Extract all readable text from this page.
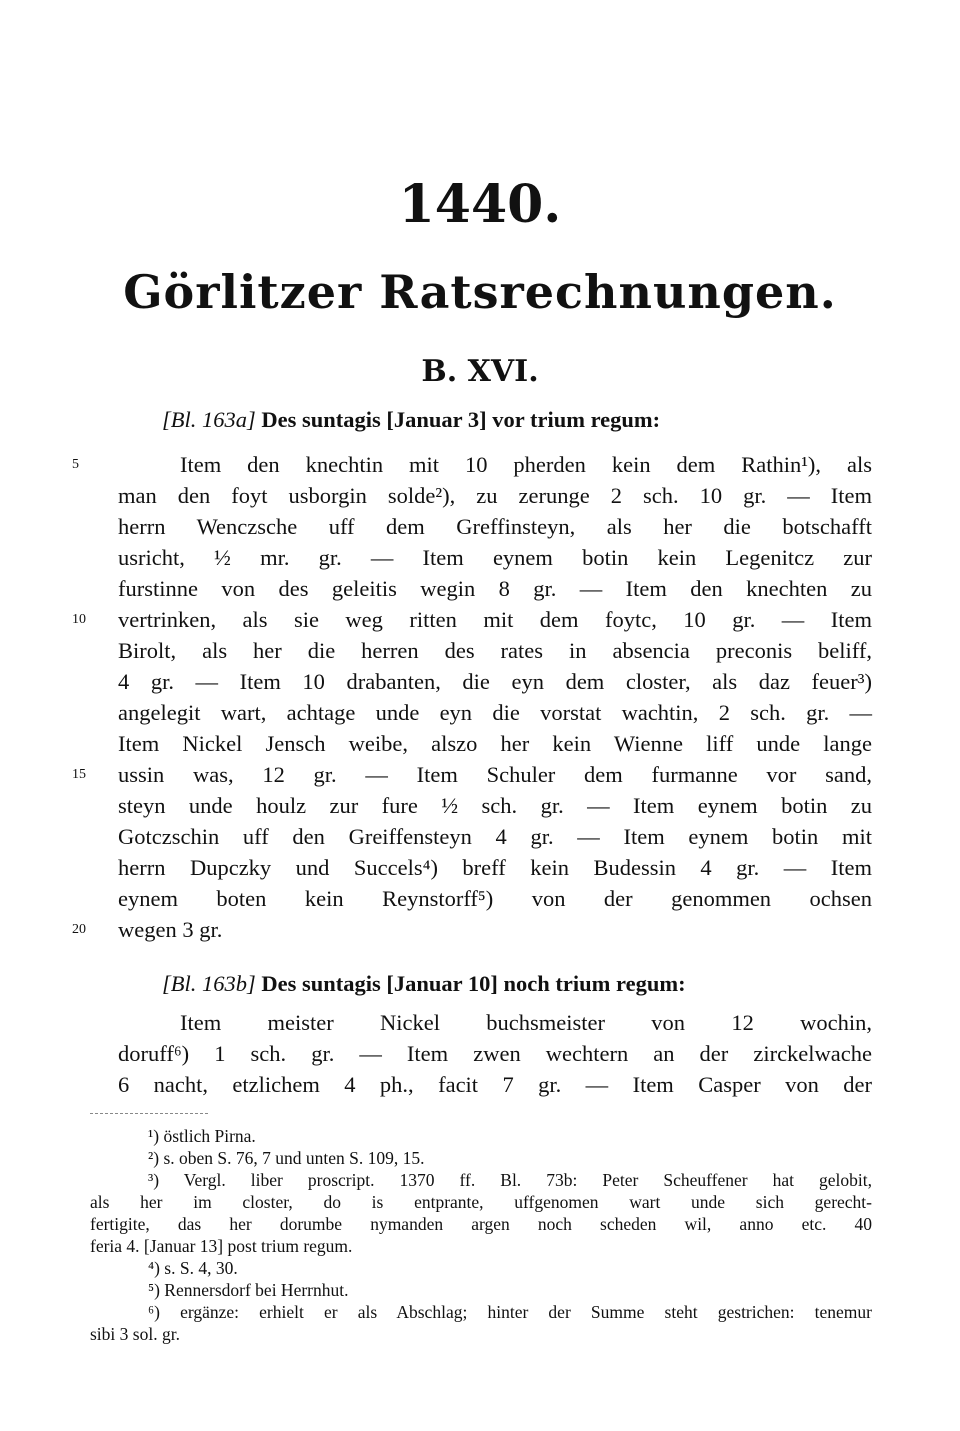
1440.
Görlitzer Ratsrechnungen.
B. XVI.
[Bl. 163a] Des suntagis [Januar 3] vor trium regum:
Item den knechtin mit 10 pherden kein dem Rathin¹), als
man den foyt usborgin solde²), zu zerunge 2 sch. 10 gr. — Item
herrn Wenczsche uff dem Greffinsteyn, als her die botschafft
usricht, ½ mr. gr. — Item eynem botin kein Legenitcz zur
furstinne von des geleitis wegin 8 gr. — Item den knechten zu
vertrinken, als sie weg ritten mit dem foytc, 10 gr. — Item
Birolt, als her die herren des rates in absencia preconis beliff,
4 gr. — Item 10 drabanten, die eyn dem closter, als daz feuer³)
angelegit wart, achtage unde eyn die vorstat wachtin, 2 sch. gr. —
Item Nickel Jensch weibe, alszo her kein Wienne liff unde lange
ussin was, 12 gr. — Item Schuler dem furmanne vor sand,
steyn unde houlz zur fure ½ sch. gr. — Item eynem botin zu
Gotczschin uff den Greiffensteyn 4 gr. — Item eynem botin mit
herrn Dupczky und Succels⁴) breff kein Budessin 4 gr. — Item
eynem boten kein Reynstorff⁵) von der genommen ochsen
wegen 3 gr.
5
10
15
20
[Bl. 163b] Des suntagis [Januar 10] noch trium regum:
Item meister Nickel buchsmeister von 12 wochin,
doruff⁶) 1 sch. gr. — Item zwen wechtern an der zirckelwache
6 nacht, etzlichem 4 ph., facit 7 gr. — Item Casper von der
¹) östlich Pirna.
²) s. oben S. 76, 7 und unten S. 109, 15.
³) Vergl. liber proscript. 1370 ff. Bl. 73b: Peter Scheuffener hat gelobit,
als her im closter, do is entprante, uffgenomen wart unde sich gerecht-
fertigite, das her dorumbe nymanden argen noch scheden wil, anno etc. 40
feria 4. [Januar 13] post trium regum.
⁴) s. S. 4, 30.
⁵) Rennersdorf bei Herrnhut.
⁶) ergänze: erhielt er als Abschlag; hinter der Summe steht gestrichen: tenemur
sibi 3 sol. gr.
